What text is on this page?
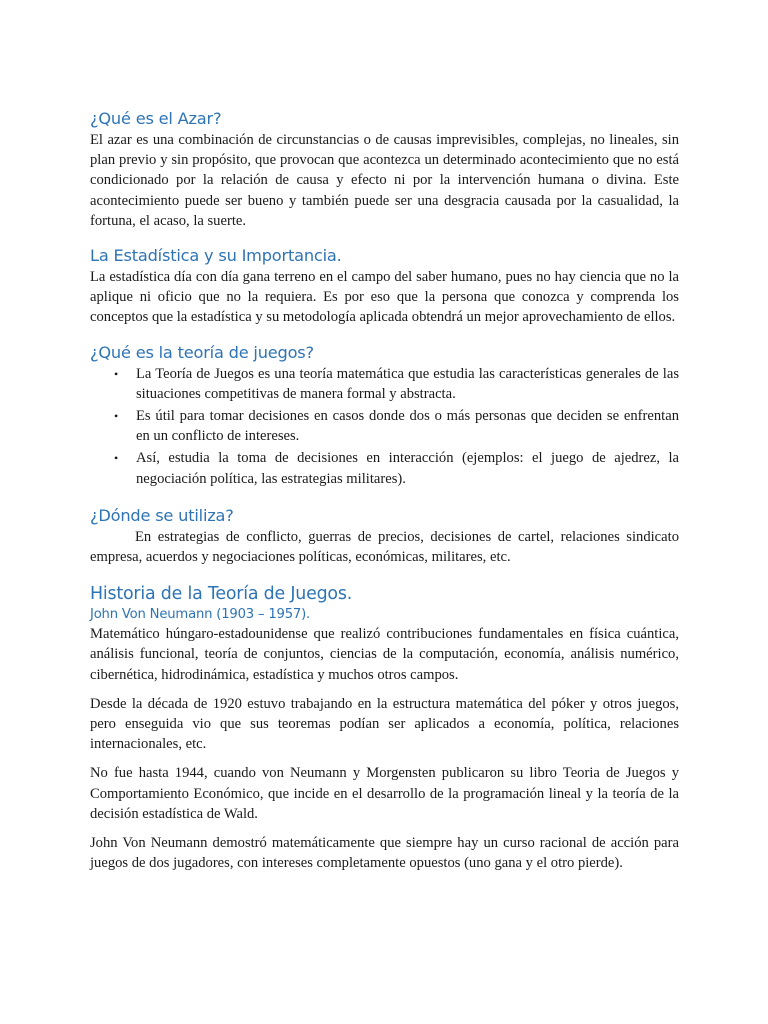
¿Qué es el Azar?

El azar es una combinación de circunstancias o de causas imprevisibles, complejas, no lineales, sin plan previo y sin propósito, que provocan que acontezca un determinado acontecimiento que no está condicionado por la relación de causa y efecto ni por la intervención humana o divina. Este acontecimiento puede ser bueno y también puede ser una desgracia causada por la casualidad, la fortuna, el acaso, la suerte.

La Estadística y su Importancia.

La estadística día con día gana terreno en el campo del saber humano, pues no hay ciencia que no la aplique ni oficio que no la requiera. Es por eso que la persona que conozca y comprenda los conceptos que la estadística y su metodología aplicada obtendrá un mejor aprovechamiento de ellos.

¿Qué es la teoría de juegos?
• La Teoría de Juegos es una teoría matemática que estudia las características generales de las situaciones competitivas de manera formal y abstracta.
• Es útil para tomar decisiones en casos donde dos o más personas que deciden se enfrentan en un conflicto de intereses.
• Así, estudia la toma de decisiones en interacción (ejemplos: el juego de ajedrez, la negociación política, las estrategias militares).
¿Dónde se utiliza?

En estrategias de conflicto, guerras de precios, decisiones de cartel, relaciones sindicato empresa, acuerdos y negociaciones políticas, económicas, militares, etc.

Historia de la Teoría de Juegos.
John Von Neumann (1903 – 1957).

Matemático húngaro-estadounidense que realizó contribuciones fundamentales en física cuántica, análisis funcional, teoría de conjuntos, ciencias de la computación, economía, análisis numérico, cibernética, hidrodinámica, estadística y muchos otros campos.

Desde la década de 1920 estuvo trabajando en la estructura matemática del póker y otros juegos, pero enseguida vio que sus teoremas podían ser aplicados a economía, política, relaciones internacionales, etc.

No fue hasta 1944, cuando von Neumann y Morgensten publicaron su libro Teoria de Juegos y Comportamiento Económico, que incide en el desarrollo de la programación lineal y la teoría de la decisión estadística de Wald.

John Von Neumann demostró matemáticamente que siempre hay un curso racional de acción para juegos de dos jugadores, con intereses completamente opuestos (uno gana y el otro pierde).
